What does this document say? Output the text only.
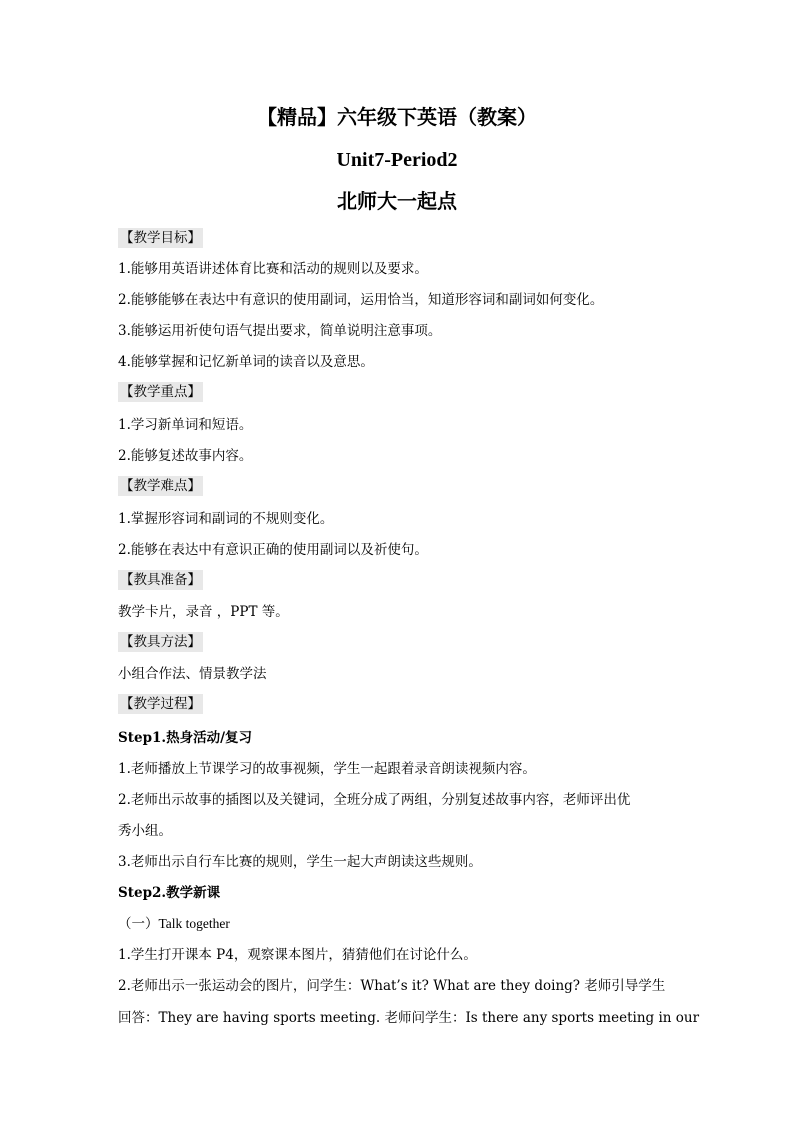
【精品】六年级下英语（教案）
Unit7-Period2
北师大一起点
【教学目标】
1.能够用英语讲述体育比赛和活动的规则以及要求。
2.能够能够在表达中有意识的使用副词，运用恰当，知道形容词和副词如何变化。
3.能够运用祈使句语气提出要求，简单说明注意事项。
4.能够掌握和记忆新单词的读音以及意思。
【教学重点】
1.学习新单词和短语。
2.能够复述故事内容。
【教学难点】
1.掌握形容词和副词的不规则变化。
2.能够在表达中有意识正确的使用副词以及祈使句。
【教具准备】
教学卡片，录音 ，PPT 等。
【教具方法】
小组合作法、情景教学法
【教学过程】
Step1.热身活动/复习
1.老师播放上节课学习的故事视频，学生一起跟着录音朗读视频内容。
2.老师出示故事的插图以及关键词，全班分成了两组，分别复述故事内容，老师评出优
秀小组。
3.老师出示自行车比赛的规则，学生一起大声朗读这些规则。
Step2.教学新课
（一）Talk together
1.学生打开课本 P4，观察课本图片，猜猜他们在讨论什么。
2.老师出示一张运动会的图片，问学生：What’s it? What are they doing? 老师引导学生
回答：They are having sports meeting. 老师问学生：Is there any sports meeting in our
